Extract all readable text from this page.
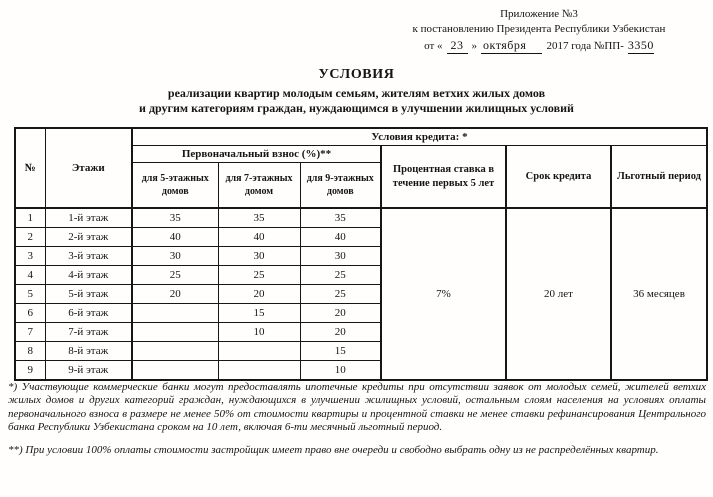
Приложение №3
к постановлению Президента Республики Узбекистан
от « 23 » октября	2017 года №ПП- 3350
УСЛОВИЯ
реализации квартир молодым семьям, жителям ветхих жилых домов
и другим категориям граждан, нуждающимся в улучшении жилищных условий
№	Этажи	Условия кредита: *					
		Первоначальный взнос (%)**			Процентная ставка в течение первых 5 лет	Срок кредита	Льготный период
		для 5-этажных домов	для 7-этажных домом	для 9-этажных домов			
1	1-й этаж	35	35	35	7%	20 лет	36 месяцев
2	2-й этаж	40	40	40			
3	3-й этаж	30	30	30			
4	4-й этаж	25	25	25			
5	5-й этаж	20	20	25			
6	6-й этаж		15	20			
7	7-й этаж		10	20			
8	8-й этаж			15			
9	9-й этаж			10			

*) Участвующие коммерческие банки могут предоставлять ипотечные кредиты при отсутствии заявок от молодых семей, жителей ветхих жилых домов и других категорий граждан, нуждающихся в улучшении жилищных условий, остальным слоям населения на условиях оплаты первоначального взноса в размере не менее 50% от стоимости квартиры и процентной ставки не менее ставки рефинансирования Центрального банка Республики Узбекистана сроком на 10 лет, включая 6-ти месячный льготный период.

**) При условии 100% оплаты стоимости застройщик имеет право вне очереди и свободно выбрать одну из не распределённых квартир.
